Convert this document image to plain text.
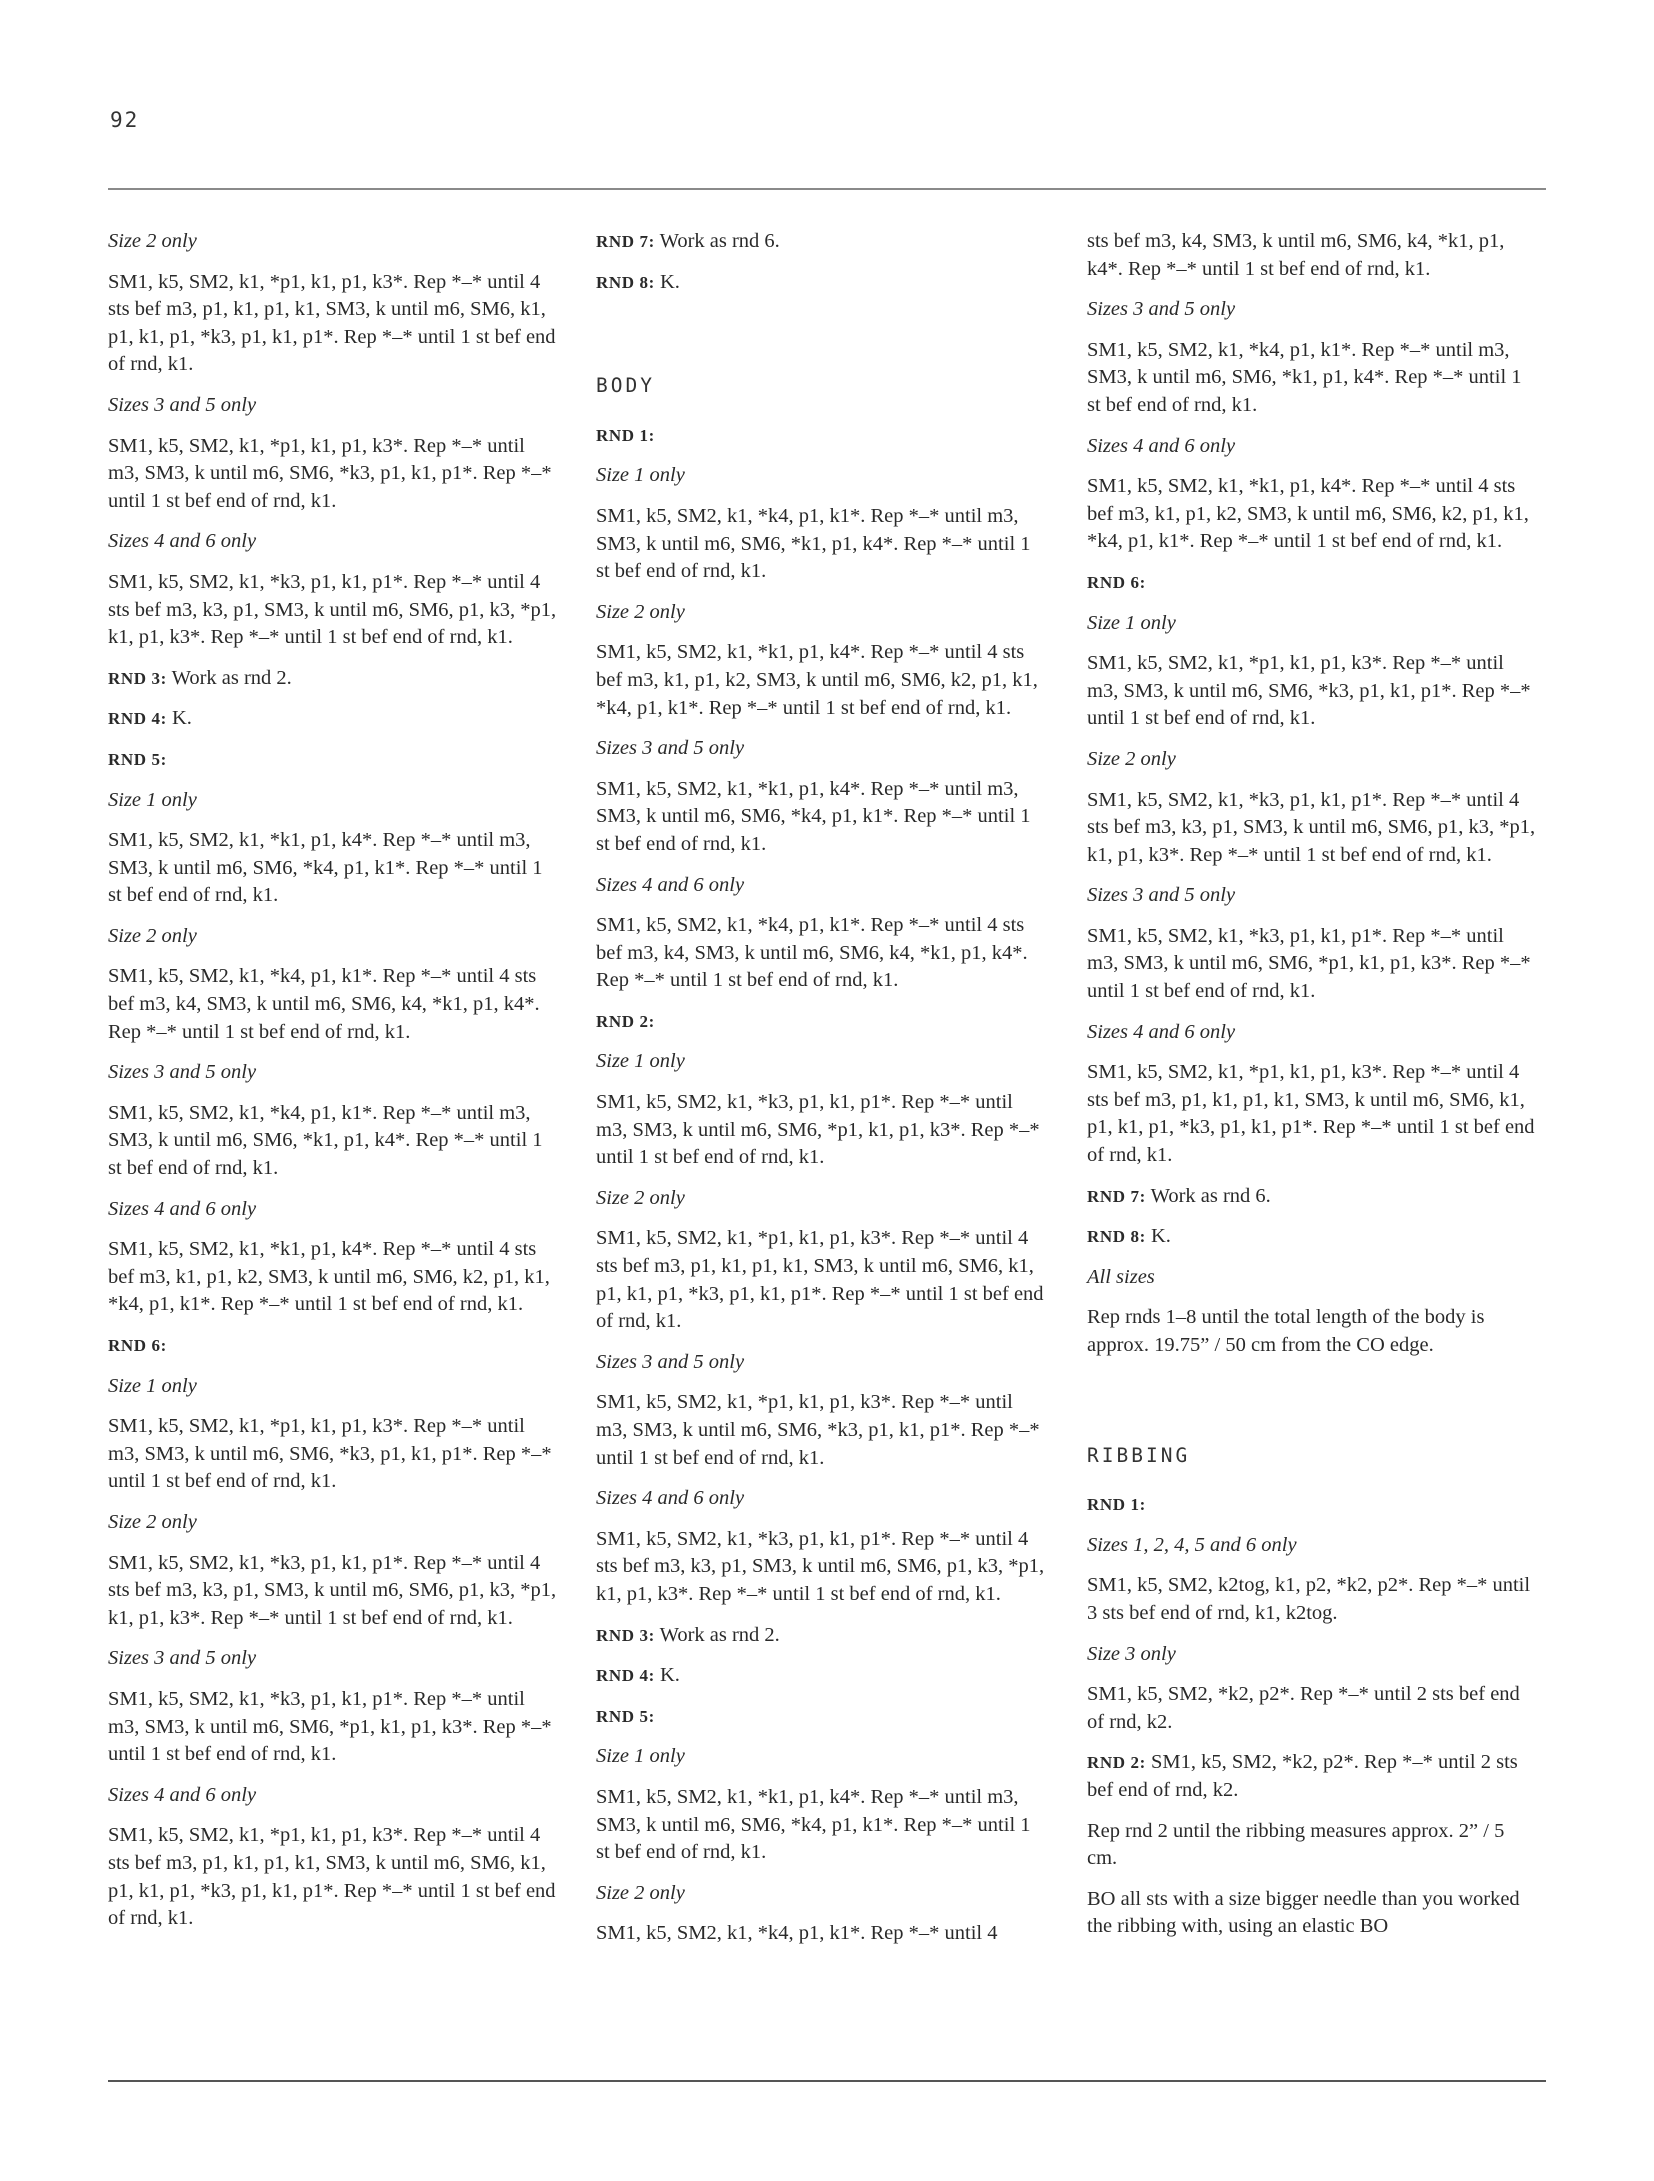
92
Size 2 only
SM1, k5, SM2, k1, *p1, k1, p1, k3*. Rep *–* until 4 sts bef m3, p1, k1, p1, k1, SM3, k until m6, SM6, k1, p1, k1, p1, *k3, p1, k1, p1*. Rep *–* until 1 st bef end of rnd, k1.
Sizes 3 and 5 only
SM1, k5, SM2, k1, *p1, k1, p1, k3*. Rep *–* until m3, SM3, k until m6, SM6, *k3, p1, k1, p1*. Rep *–* until 1 st bef end of rnd, k1.
Sizes 4 and 6 only
SM1, k5, SM2, k1, *k3, p1, k1, p1*. Rep *–* until 4 sts bef m3, k3, p1, SM3, k until m6, SM6, p1, k3, *p1, k1, p1, k3*. Rep *–* until 1 st bef end of rnd, k1.
RND 3: Work as rnd 2.
RND 4: K.
RND 5:
Size 1 only
SM1, k5, SM2, k1, *k1, p1, k4*. Rep *–* until m3, SM3, k until m6, SM6, *k4, p1, k1*. Rep *–* until 1 st bef end of rnd, k1.
Size 2 only
SM1, k5, SM2, k1, *k4, p1, k1*. Rep *–* until 4 sts bef m3, k4, SM3, k until m6, SM6, k4, *k1, p1, k4*. Rep *–* until 1 st bef end of rnd, k1.
Sizes 3 and 5 only
SM1, k5, SM2, k1, *k4, p1, k1*. Rep *–* until m3, SM3, k until m6, SM6, *k1, p1, k4*. Rep *–* until 1 st bef end of rnd, k1.
Sizes 4 and 6 only
SM1, k5, SM2, k1, *k1, p1, k4*. Rep *–* until 4 sts bef m3, k1, p1, k2, SM3, k until m6, SM6, k2, p1, k1, *k4, p1, k1*. Rep *–* until 1 st bef end of rnd, k1.
RND 6:
Size 1 only
SM1, k5, SM2, k1, *p1, k1, p1, k3*. Rep *–* until m3, SM3, k until m6, SM6, *k3, p1, k1, p1*. Rep *–* until 1 st bef end of rnd, k1.
Size 2 only
SM1, k5, SM2, k1, *k3, p1, k1, p1*. Rep *–* until 4 sts bef m3, k3, p1, SM3, k until m6, SM6, p1, k3, *p1, k1, p1, k3*. Rep *–* until 1 st bef end of rnd, k1.
Sizes 3 and 5 only
SM1, k5, SM2, k1, *k3, p1, k1, p1*. Rep *–* until m3, SM3, k until m6, SM6, *p1, k1, p1, k3*. Rep *–* until 1 st bef end of rnd, k1.
Sizes 4 and 6 only
SM1, k5, SM2, k1, *p1, k1, p1, k3*. Rep *–* until 4 sts bef m3, p1, k1, p1, k1, SM3, k until m6, SM6, k1, p1, k1, p1, *k3, p1, k1, p1*. Rep *–* until 1 st bef end of rnd, k1.
RND 7: Work as rnd 6.
RND 8: K.
BODY
RND 1:
Size 1 only
SM1, k5, SM2, k1, *k4, p1, k1*. Rep *–* until m3, SM3, k until m6, SM6, *k1, p1, k4*. Rep *–* until 1 st bef end of rnd, k1.
Size 2 only
SM1, k5, SM2, k1, *k1, p1, k4*. Rep *–* until 4 sts bef m3, k1, p1, k2, SM3, k until m6, SM6, k2, p1, k1, *k4, p1, k1*. Rep *–* until 1 st bef end of rnd, k1.
Sizes 3 and 5 only
SM1, k5, SM2, k1, *k1, p1, k4*. Rep *–* until m3, SM3, k until m6, SM6, *k4, p1, k1*. Rep *–* until 1 st bef end of rnd, k1.
Sizes 4 and 6 only
SM1, k5, SM2, k1, *k4, p1, k1*. Rep *–* until 4 sts bef m3, k4, SM3, k until m6, SM6, k4, *k1, p1, k4*. Rep *–* until 1 st bef end of rnd, k1.
RND 2:
Size 1 only
SM1, k5, SM2, k1, *k3, p1, k1, p1*. Rep *–* until m3, SM3, k until m6, SM6, *p1, k1, p1, k3*. Rep *–* until 1 st bef end of rnd, k1.
Size 2 only
SM1, k5, SM2, k1, *p1, k1, p1, k3*. Rep *–* until 4 sts bef m3, p1, k1, p1, k1, SM3, k until m6, SM6, k1, p1, k1, p1, *k3, p1, k1, p1*. Rep *–* until 1 st bef end of rnd, k1.
Sizes 3 and 5 only
SM1, k5, SM2, k1, *p1, k1, p1, k3*. Rep *–* until m3, SM3, k until m6, SM6, *k3, p1, k1, p1*. Rep *–* until 1 st bef end of rnd, k1.
Sizes 4 and 6 only
SM1, k5, SM2, k1, *k3, p1, k1, p1*. Rep *–* until 4 sts bef m3, k3, p1, SM3, k until m6, SM6, p1, k3, *p1, k1, p1, k3*. Rep *–* until 1 st bef end of rnd, k1.
RND 3: Work as rnd 2.
RND 4: K.
RND 5:
Size 1 only
SM1, k5, SM2, k1, *k1, p1, k4*. Rep *–* until m3, SM3, k until m6, SM6, *k4, p1, k1*. Rep *–* until 1 st bef end of rnd, k1.
Size 2 only
SM1, k5, SM2, k1, *k4, p1, k1*. Rep *–* until 4
sts bef m3, k4, SM3, k until m6, SM6, k4, *k1, p1, k4*. Rep *–* until 1 st bef end of rnd, k1.
Sizes 3 and 5 only
SM1, k5, SM2, k1, *k4, p1, k1*. Rep *–* until m3, SM3, k until m6, SM6, *k1, p1, k4*. Rep *–* until 1 st bef end of rnd, k1.
Sizes 4 and 6 only
SM1, k5, SM2, k1, *k1, p1, k4*. Rep *–* until 4 sts bef m3, k1, p1, k2, SM3, k until m6, SM6, k2, p1, k1, *k4, p1, k1*. Rep *–* until 1 st bef end of rnd, k1.
RND 6:
Size 1 only
SM1, k5, SM2, k1, *p1, k1, p1, k3*. Rep *–* until m3, SM3, k until m6, SM6, *k3, p1, k1, p1*. Rep *–* until 1 st bef end of rnd, k1.
Size 2 only
SM1, k5, SM2, k1, *k3, p1, k1, p1*. Rep *–* until 4 sts bef m3, k3, p1, SM3, k until m6, SM6, p1, k3, *p1, k1, p1, k3*. Rep *–* until 1 st bef end of rnd, k1.
Sizes 3 and 5 only
SM1, k5, SM2, k1, *k3, p1, k1, p1*. Rep *–* until m3, SM3, k until m6, SM6, *p1, k1, p1, k3*. Rep *–* until 1 st bef end of rnd, k1.
Sizes 4 and 6 only
SM1, k5, SM2, k1, *p1, k1, p1, k3*. Rep *–* until 4 sts bef m3, p1, k1, p1, k1, SM3, k until m6, SM6, k1, p1, k1, p1, *k3, p1, k1, p1*. Rep *–* until 1 st bef end of rnd, k1.
RND 7: Work as rnd 6.
RND 8: K.
All sizes
Rep rnds 1–8 until the total length of the body is approx. 19.75” / 50 cm from the CO edge.
RIBBING
RND 1:
Sizes 1, 2, 4, 5 and 6 only
SM1, k5, SM2, k2tog, k1, p2, *k2, p2*. Rep *–* until 3 sts bef end of rnd, k1, k2tog.
Size 3 only
SM1, k5, SM2, *k2, p2*. Rep *–* until 2 sts bef end of rnd, k2.
RND 2: SM1, k5, SM2, *k2, p2*. Rep *–* until 2 sts bef end of rnd, k2.
Rep rnd 2 until the ribbing measures approx. 2” / 5 cm.
BO all sts with a size bigger needle than you worked the ribbing with, using an elastic BO
